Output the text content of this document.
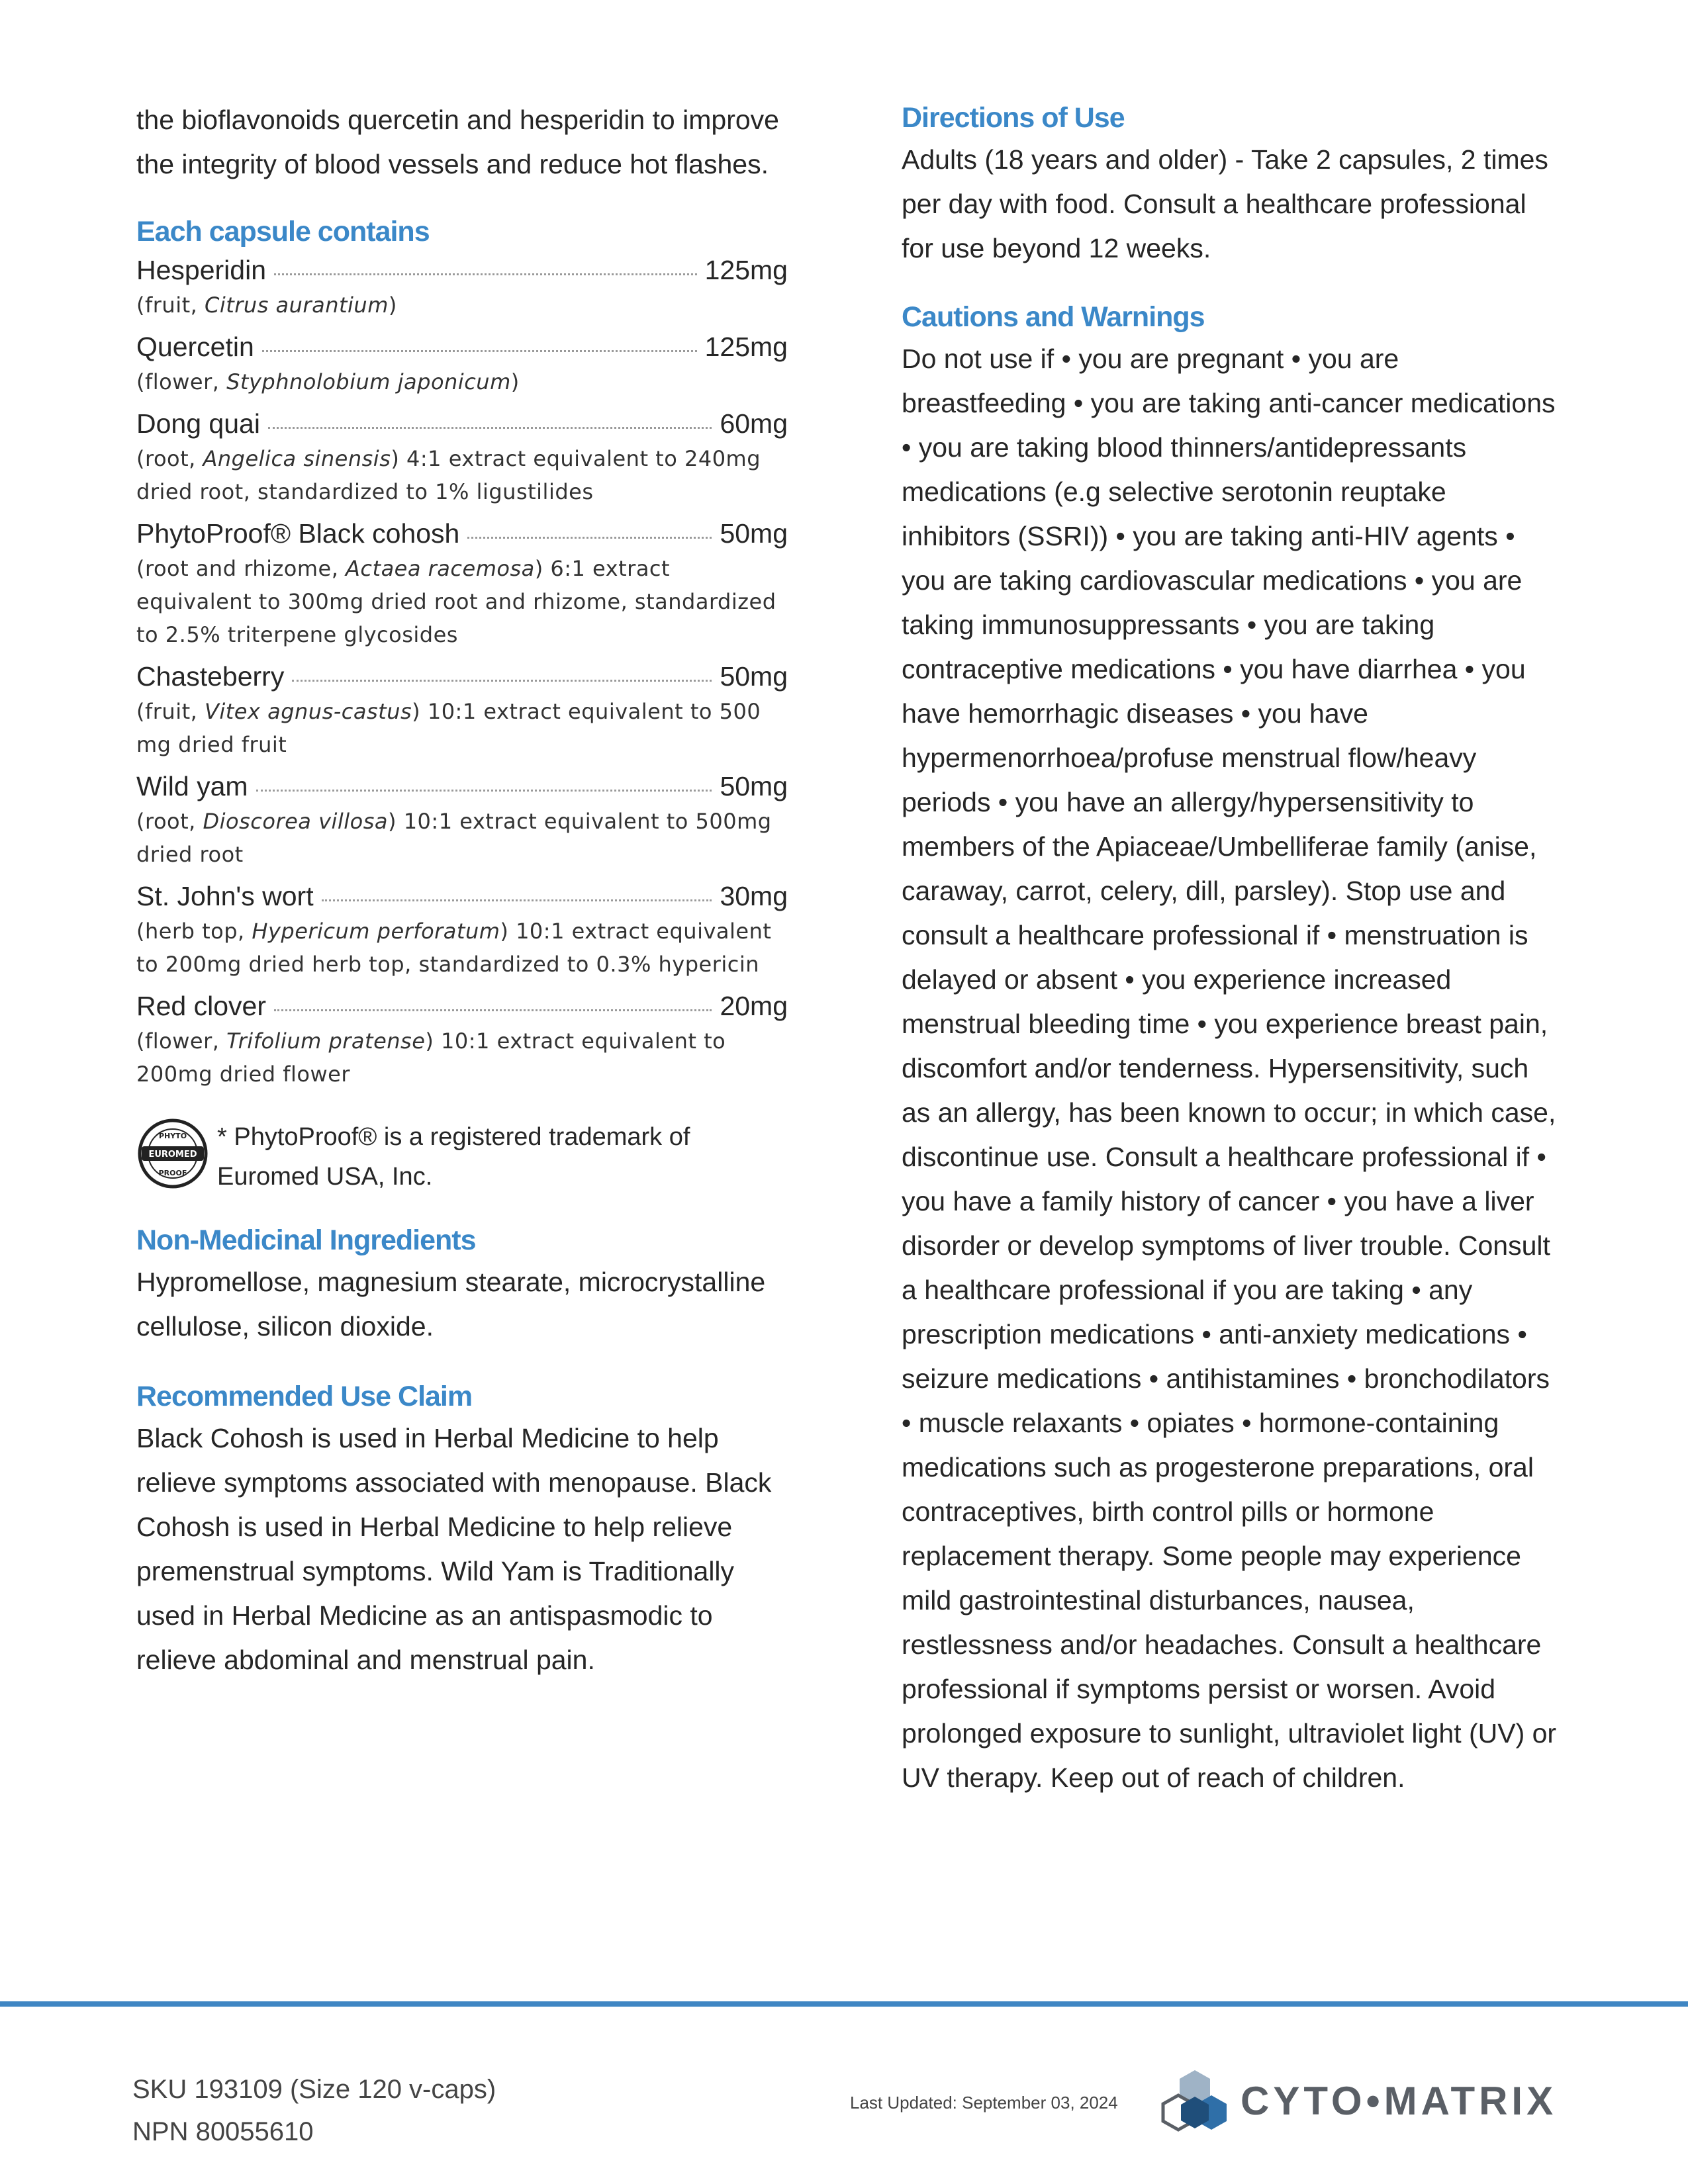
the bioflavonoids quercetin and hesperidin to improve the integrity of blood vessels and reduce hot flashes.

Each capsule contains
Hesperidin	125mg
(fruit, Citrus aurantium)
Quercetin	125mg
(flower, Styphnolobium japonicum)
Dong quai	60mg
(root, Angelica sinensis) 4:1 extract equivalent to 240mg dried root, standardized to 1% ligustilides
PhytoProof® Black cohosh	50mg
(root and rhizome, Actaea racemosa) 6:1 extract equivalent to 300mg dried root and rhizome, standardized to 2.5% triterpene glycosides
Chasteberry	50mg
(fruit, Vitex agnus-castus) 10:1 extract equivalent to 500 mg dried fruit
Wild yam	50mg
(root, Dioscorea villosa) 10:1 extract equivalent to 500mg dried root
St. John's wort	30mg
(herb top, Hypericum perforatum) 10:1 extract equivalent to 200mg dried herb top, standardized to 0.3% hypericin
Red clover	20mg
(flower, Trifolium pratense) 10:1 extract equivalent to 200mg dried flower
EUROMED
PHYTO
PROOF
* PhytoProof® is a registered trademark of Euromed USA, Inc.
Non-Medicinal Ingredients

Hypromellose, magnesium stearate, microcrystalline cellulose, silicon dioxide.

Recommended Use Claim

Black Cohosh is used in Herbal Medicine to help relieve symptoms associated with menopause. Black Cohosh is used in Herbal Medicine to help relieve premenstrual symptoms. Wild Yam is Traditionally used in Herbal Medicine as an antispasmodic to relieve abdominal and menstrual pain.

Directions of Use

Adults (18 years and older) - Take 2 capsules, 2 times per day with food. Consult a healthcare professional for use beyond 12 weeks.

Cautions and Warnings

Do not use if • you are pregnant • you are breastfeeding • you are taking anti-cancer medications • you are taking blood thinners/antidepressants medications (e.g selective serotonin reuptake inhibitors (SSRI)) • you are taking anti-HIV agents • you are taking cardiovascular medications • you are taking immunosuppressants • you are taking contraceptive medications • you have diarrhea • you have hemorrhagic diseases • you have hypermenorrhoea/profuse menstrual flow/heavy periods • you have an allergy/hypersensitivity to members of the Apiaceae/Umbelliferae family (anise, caraway, carrot, celery, dill, parsley). Stop use and consult a healthcare professional if • menstruation is delayed or absent • you experience increased menstrual bleeding time • you experience breast pain, discomfort and/or tenderness. Hypersensitivity, such as an allergy, has been known to occur; in which case, discontinue use. Consult a healthcare professional if • you have a family history of cancer • you have a liver disorder or develop symptoms of liver trouble. Consult a healthcare professional if you are taking • any prescription medications • anti-anxiety medications • seizure medications • antihistamines • bronchodilators • muscle relaxants • opiates • hormone-containing medications such as progesterone preparations, oral contraceptives, birth control pills or hormone replacement therapy. Some people may experience mild gastrointestinal disturbances, nausea, restlessness and/or headaches. Consult a healthcare professional if symptoms persist or worsen. Avoid prolonged exposure to sunlight, ultraviolet light (UV) or UV therapy. Keep out of reach of children.

SKU 193109 (Size 120 v-caps)
NPN 80055610
Last Updated: September 03, 2024	CYTO•MATRIX
